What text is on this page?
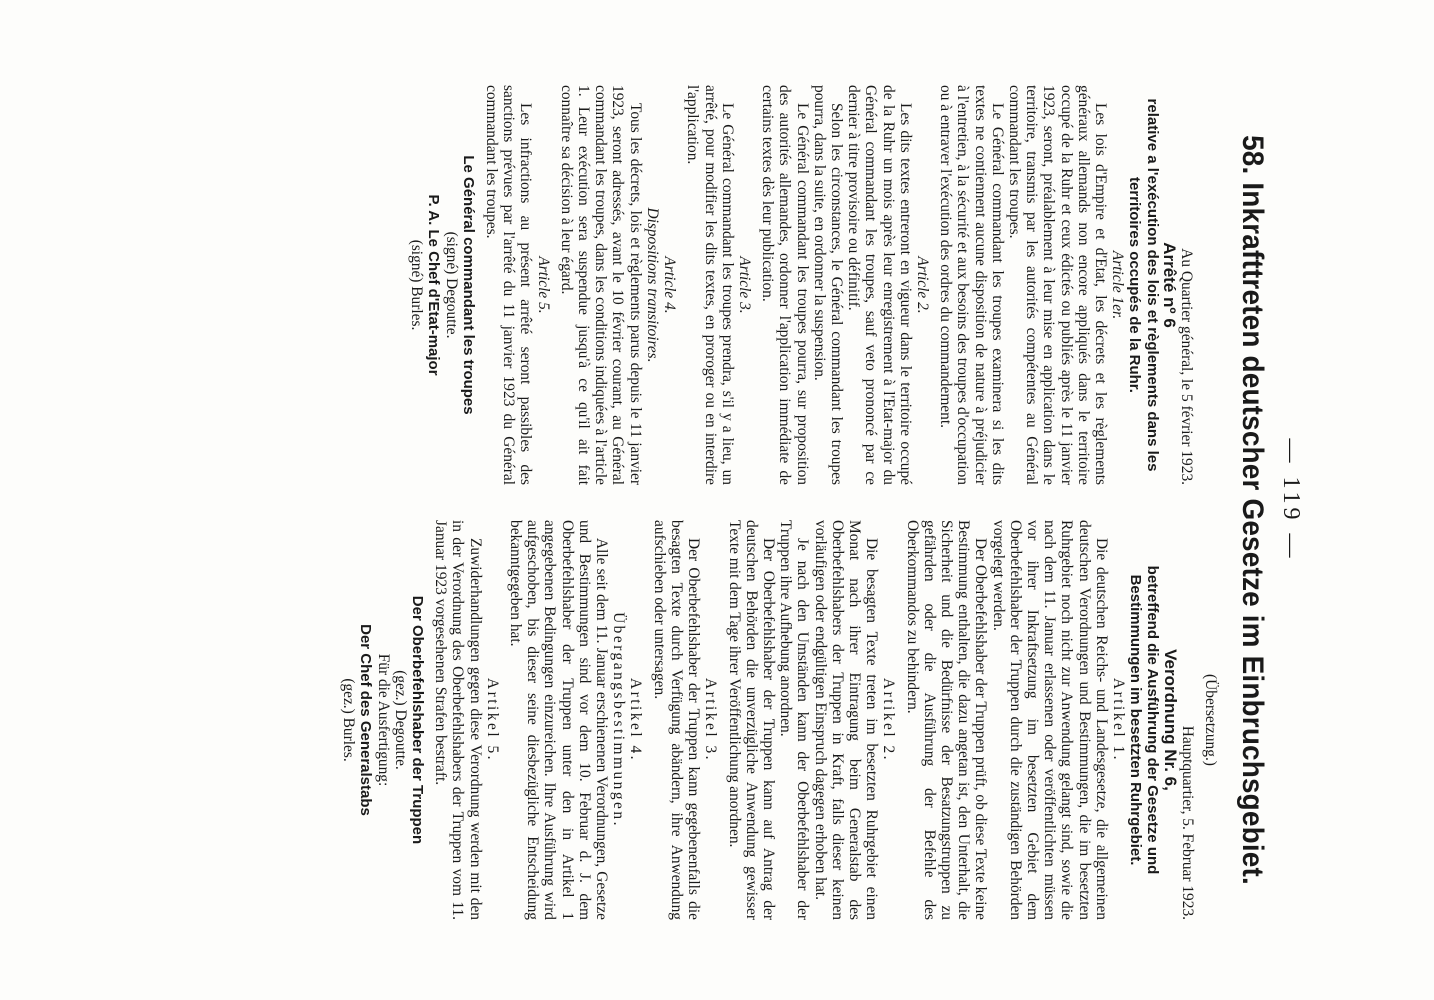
— 119 —
58. Inkrafttreten deutscher Gesetze im Einbruchsgebiet.

Au Quartier général, le 5 février 1923.

Arrêté nº 6

relative a l'exécution des lois et règlements dans les territoires occupés de la Ruhr.

Article 1er.

Les lois d'Empire et d'Etat, les décrets et les règlements généraux allemands non encore appliqués dans le territoire occupé de la Ruhr et ceux édictés ou publiés après le 11 janvier 1923, seront, préalablement à leur mise en application dans le territoire, transmis par les autorités compétentes au Général commandant les troupes.

Le Général commandant les troupes examinera si les dits textes ne contiennent aucune disposition de nature à préjudicier à l'entretien, à la sécurité et aux besoins des troupes d'occupation ou à entraver l'exécution des ordres du commandement.

Article 2.

Les dits textes entreront en vigueur dans le territoire occupé de la Ruhr un mois après leur enregistrement à l'Etat-major du Général commandant les troupes, sauf veto prononcé par ce dernier à titre provisoire ou définitif.

Selon les circonstances, le Général commandant les troupes pourra, dans la suite, en ordonner la suspension.

Le Général commandant les troupes pourra, sur proposition des autorités allemandes, ordonner l'application immédiate de certains textes dès leur publication.

Article 3.

Le Général commandant les troupes prendra, s'il y a lieu, un arrêté, pour modifier les dits textes, en proroger ou en interdire l'application.

Article 4.

Dispositions transitoires.

Tous les décrets, lois et règlements parus depuis le 11 janvier 1923, seront adressés, avant le 10 février courant, au Général commandant les troupes, dans les conditions indiquées à l'article 1. Leur exécution sera suspendue jusqu'à ce qu'il ait fait connaître sa décision à leur égard.

Article 5.

Les infractions au présent arrêté seront passibles des sanctions prévues par l'arrêté du 11 janvier 1923 du Général commandant les troupes.

Le Général commandant les troupes

(signé) Degoutte.

P. A. Le Chef d'Etat-major

(signé) Burles.

(Übersetzung.)

Hauptquartier, 5. Februar 1923.

Verordnung Nr. 6,

betreffend die Ausführung der Gesetze und Bestimmungen im besetzten Ruhrgebiet.

Artikel 1.

Die deutschen Reichs- und Landesgesetze, die allgemeinen deutschen Verordnungen und Bestimmungen, die im besetzten Ruhrgebiet noch nicht zur Anwendung gelangt sind, sowie die nach dem 11. Januar erlassenen oder veröffentlichten müssen vor ihrer Inkraftsetzung im besetzten Gebiet dem Oberbefehlshaber der Truppen durch die zuständigen Behörden vorgelegt werden.

Der Oberbefehlshaber der Truppen prüft, ob diese Texte keine Bestimmung enthalten, die dazu angetan ist, den Unterhalt, die Sicherheit und die Bedürfnisse der Besatzungstruppen zu gefährden oder die Ausführung der Befehle des Oberkommandos zu behindern.

Artikel 2.

Die besagten Texte treten im besetzten Ruhrgebiet einen Monat nach ihrer Eintragung beim Generalstab des Oberbefehlshabers der Truppen in Kraft, falls dieser keinen vorläufigen oder endgültigen Einspruch dagegen erhoben hat.

Je nach den Umständen kann der Oberbefehlshaber der Truppen ihre Aufhebung anordnen.

Der Oberbefehlshaber der Truppen kann auf Antrag der deutschen Behörden die unverzügliche Anwendung gewisser Texte mit dem Tage ihrer Veröffentlichung anordnen.

Artikel 3.

Der Oberbefehlshaber der Truppen kann gegebenenfalls die besagten Texte durch Verfügung abändern, ihre Anwendung aufschieben oder untersagen.

Artikel 4.

Übergangsbestimmungen.

Alle seit dem 11. Januar erschienenen Verordnungen, Gesetze und Bestimmungen sind vor dem 10. Februar d. J. dem Oberbefehlshaber der Truppen unter den in Artikel 1 angegebenen Bedingungen einzureichen. Ihre Ausführung wird aufgeschoben, bis dieser seine diesbezügliche Entscheidung bekanntgegeben hat.

Artikel 5.

Zuwiderhandlungen gegen diese Verordnung werden mit den in der Verordnung des Oberbefehlshabers der Truppen vom 11. Januar 1923 vorgesehenen Strafen bestraft.

Der Oberbefehlshaber der Truppen

(gez.) Degoutte.

Für die Ausfertigung:

Der Chef des Generalstabs

(gez.) Burles.
